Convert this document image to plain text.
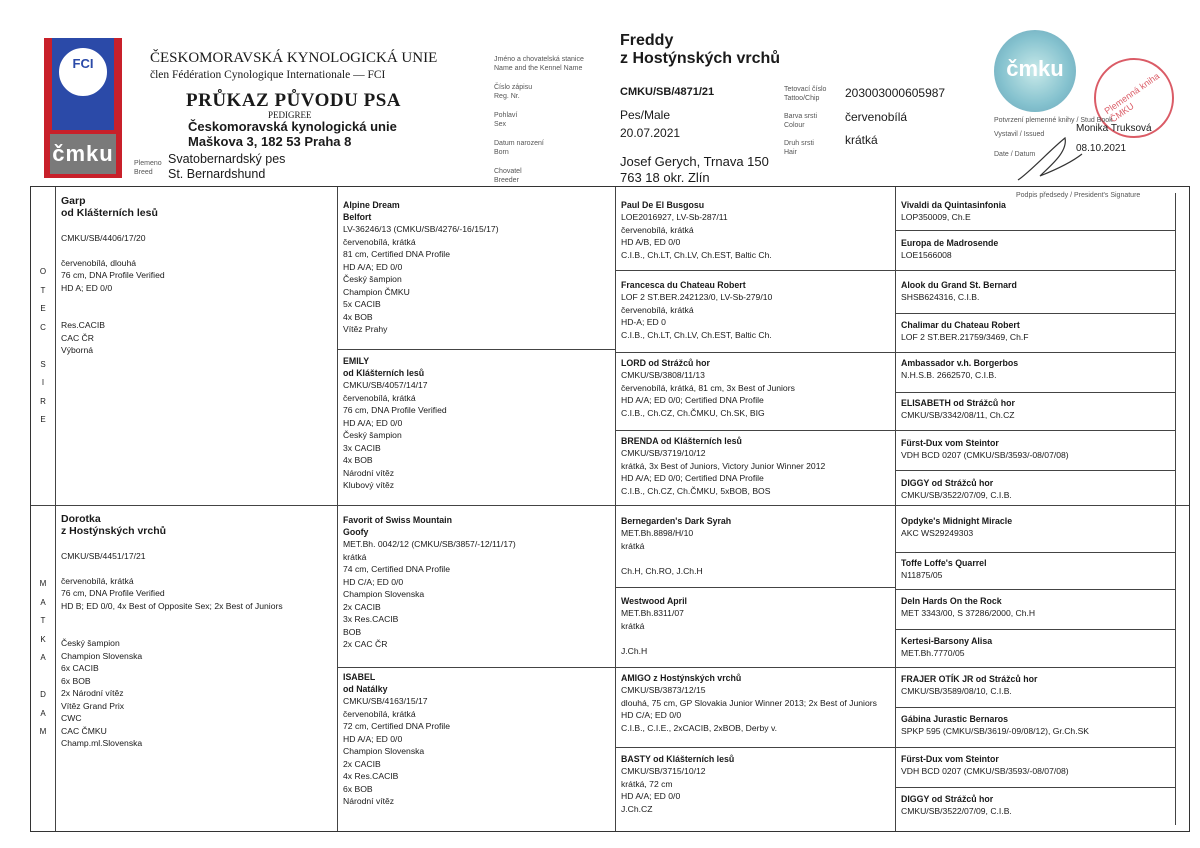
FCI
čmku
ČESKOMORAVSKÁ KYNOLOGICKÁ UNIE
člen Fédération Cynologique Internationale — FCI
PRŮKAZ PŮVODU PSA
PEDIGREE
Českomoravská kynologická unie
Maškova 3, 182 53 Praha 8
Plemeno
Breed
Svatobernardský pes
St. Bernardshund
Jméno a chovatelská stanice
Name and the Kennel Name
Číslo zápisu
Reg. Nr.
Pohlaví
Sex
Datum narození
Born
Chovatel
Breeder
Freddy
z Hostýnských vrchů
CMKU/SB/4871/21
Pes/Male
20.07.2021
Josef Gerych, Trnava 150
763 18 okr. Zlín
Tetovací číslo
Tattoo/Chip
Barva srsti
Colour
Druh srsti
Hair
203003000605987
červenobílá
krátká
čmku
Plemenná kniha ČMKU
Potvrzení plemenné knihy / Stud Book
Vystavil / Issued
Monika Truksová
Date / Datum
08.10.2021
Podpis předsedy / President's Signature
O
T
E
C
S
I
R
E
M
A
T
K
A
D
A
M
Garp
od Klášterních lesů
CMKU/SB/4406/17/20
červenobílá, dlouhá
76 cm, DNA Profile Verified
HD A; ED 0/0
Res.CACIB
CAC ČR
Výborná
Dorotka
z Hostýnských vrchů
CMKU/SB/4451/17/21
červenobílá, krátká
76 cm, DNA Profile Verified
HD B; ED 0/0, 4x Best of Opposite Sex; 2x Best of Juniors
Český šampion
Champion Slovenska
6x CACIB
6x BOB
2x Národní vítěz
Vítěz Grand Prix
CWC
CAC ČMKU
Champ.ml.Slovenska
Alpine Dream
Belfort
LV-36246/13 (CMKU/SB/4276/-16/15/17)
červenobílá, krátká
81 cm, Certified DNA Profile
HD A/A; ED 0/0
Český šampion
Champion ČMKU
5x CACIB
4x BOB
Vítěz Prahy
EMILY
od Klášterních lesů
CMKU/SB/4057/14/17
červenobílá, krátká
76 cm, DNA Profile Verified
HD A/A; ED 0/0
Český šampion
3x CACIB
4x BOB
Národní vítěz
Klubový vítěz
Favorit of Swiss Mountain
Goofy
MET.Bh. 0042/12 (CMKU/SB/3857/-12/11/17)
krátká
74 cm, Certified DNA Profile
HD C/A; ED 0/0
Champion Slovenska
2x CACIB
3x Res.CACIB
BOB
2x CAC ČR
ISABEL
od Natálky
CMKU/SB/4163/15/17
červenobílá, krátká
72 cm, Certified DNA Profile
HD A/A; ED 0/0
Champion Slovenska
2x CACIB
4x Res.CACIB
6x BOB
Národní vítěz
Paul De El Busgosu
LOE2016927, LV-Sb-287/11
červenobílá, krátká
HD A/B, ED 0/0
C.I.B., Ch.LT, Ch.LV, Ch.EST, Baltic Ch.
Francesca du Chateau Robert
LOF 2 ST.BER.242123/0, LV-Sb-279/10
červenobílá, krátká
HD-A; ED 0
C.I.B., Ch.LT, Ch.LV, Ch.EST, Baltic Ch.
LORD od Strážců hor
CMKU/SB/3808/11/13
červenobílá, krátká, 81 cm, 3x Best of Juniors
HD A/A; ED 0/0; Certified DNA Profile
C.I.B., Ch.CZ, Ch.ČMKU, Ch.SK, BIG
BRENDA od Klášterních lesů
CMKU/SB/3719/10/12
krátká, 3x Best of Juniors, Victory Junior Winner 2012
HD A/A; ED 0/0; Certified DNA Profile
C.I.B., Ch.CZ, Ch.ČMKU, 5xBOB, BOS
Bernegarden's Dark Syrah
MET.Bh.8898/H/10
krátká
Ch.H, Ch.RO, J.Ch.H
Westwood April
MET.Bh.8311/07
krátká
J.Ch.H
AMIGO z Hostýnských vrchů
CMKU/SB/3873/12/15
dlouhá, 75 cm, GP Slovakia Junior Winner 2013; 2x Best of Juniors
HD C/A; ED 0/0
C.I.B., C.I.E., 2xCACIB, 2xBOB, Derby v.
BASTY od Klášterních lesů
CMKU/SB/3715/10/12
krátká, 72 cm
HD A/A; ED 0/0
J.Ch.CZ
Vivaldi da Quintasinfonia
LOP350009, Ch.E
Europa de Madrosende
LOE1566008
Alook du Grand St. Bernard
SHSB624316, C.I.B.
Chalimar du Chateau Robert
LOF 2 ST.BER.21759/3469, Ch.F
Ambassador v.h. Borgerbos
N.H.S.B. 2662570, C.I.B.
ELISABETH od Strážců hor
CMKU/SB/3342/08/11, Ch.CZ
Fürst-Dux vom Steintor
VDH BCD 0207 (CMKU/SB/3593/-08/07/08)
DIGGY od Strážců hor
CMKU/SB/3522/07/09, C.I.B.
Opdyke's Midnight Miracle
AKC WS29249303
Toffe Loffe's Quarrel
N11875/05
Deln Hards On the Rock
MET 3343/00, S 37286/2000, Ch.H
Kertesi-Barsony Alisa
MET.Bh.7770/05
FRAJER OTÍK JR od Strážců hor
CMKU/SB/3589/08/10, C.I.B.
Gábina Jurastic Bernaros
SPKP 595 (CMKU/SB/3619/-09/08/12), Gr.Ch.SK
Fürst-Dux vom Steintor
VDH BCD 0207 (CMKU/SB/3593/-08/07/08)
DIGGY od Strážců hor
CMKU/SB/3522/07/09, C.I.B.
